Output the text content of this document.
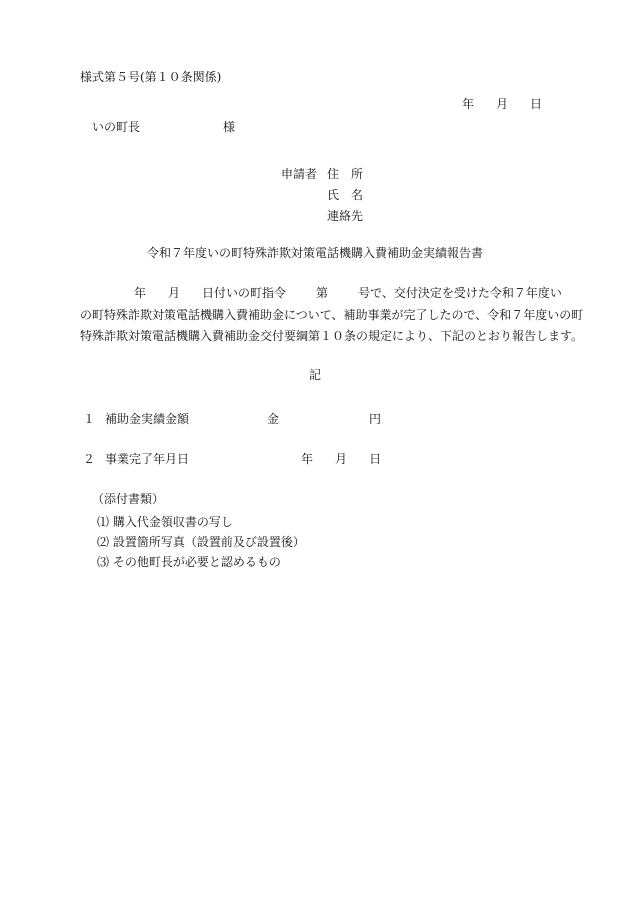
様式第５号(第１０条関係)
年 月 日
いの町長	様
申請者 住　所
氏　名
連絡先
令和７年度いの町特殊詐欺対策電話機購入費補助金実績報告書
年 月 日付いの町指令	第	号で、交付決定を受けた令和７年度い
の町特殊詐欺対策電話機購入費補助金について、補助事業が完了したので、令和７年度いの町
特殊詐欺対策電話機購入費補助金交付要綱第１０条の規定により、下記のとおり報告します。
記
１ 補助金実績金額	金	円
２ 事業完了年月日	年 月 日
（添付書類）
⑴ 購入代金領収書の写し
⑵ 設置箇所写真（設置前及び設置後）
⑶ その他町長が必要と認めるもの
